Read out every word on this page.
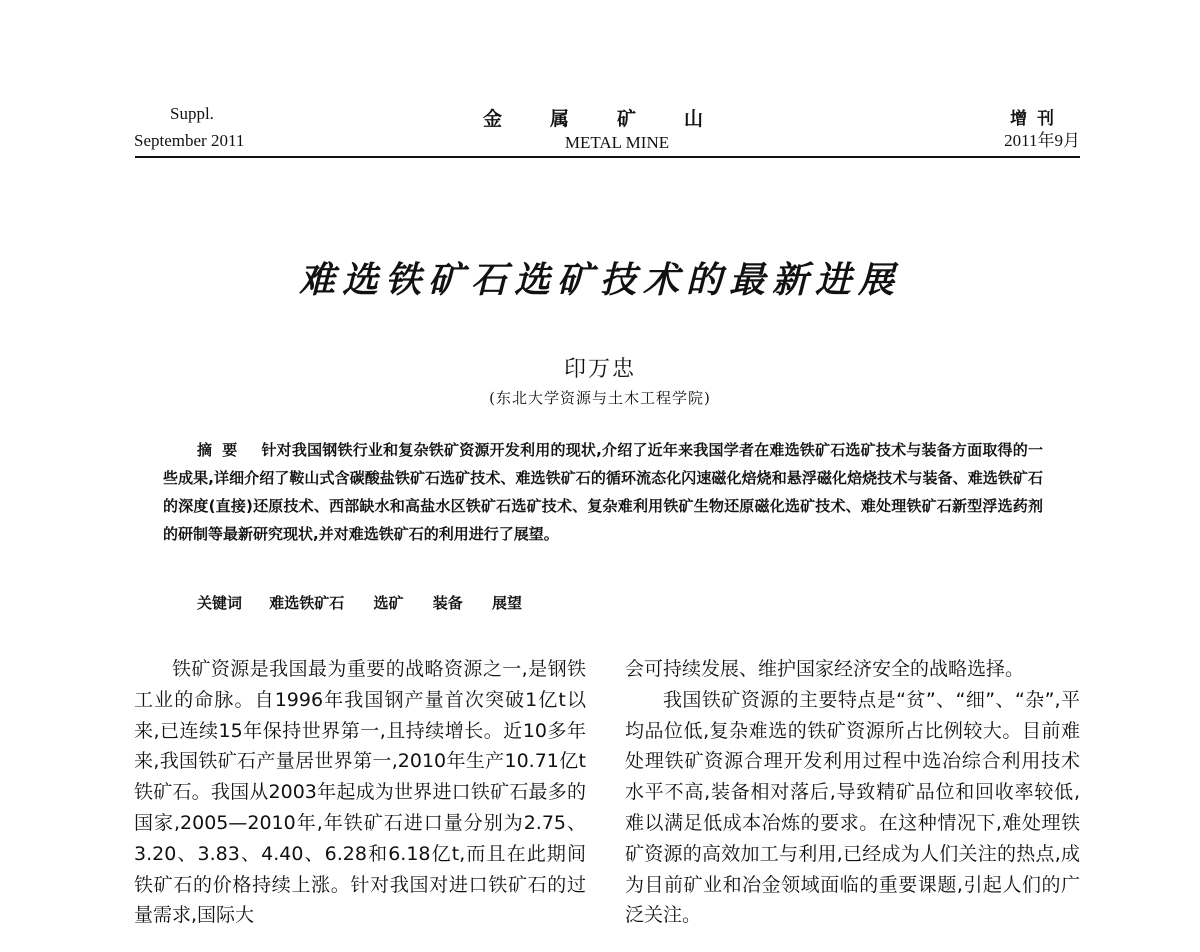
Suppl.
September 2011
金属矿山
METAL MINE
增 刊
2011年9月
难选铁矿石选矿技术的最新进展
印万忠
(东北大学资源与土木工程学院)
摘要 针对我国钢铁行业和复杂铁矿资源开发利用的现状,介绍了近年来我国学者在难选铁矿石选矿技术与装备方面取得的一些成果,详细介绍了鞍山式含碳酸盐铁矿石选矿技术、难选铁矿石的循环流态化闪速磁化焙烧和悬浮磁化焙烧技术与装备、难选铁矿石的深度(直接)还原技术、西部缺水和高盐水区铁矿石选矿技术、复杂难利用铁矿生物还原磁化选矿技术、难处理铁矿石新型浮选药剂的研制等最新研究现状,并对难选铁矿石的利用进行了展望。
关键词 难选铁矿石 选矿 装备 展望

铁矿资源是我国最为重要的战略资源之一,是钢铁工业的命脉。自1996年我国钢产量首次突破1亿t以来,已连续15年保持世界第一,且持续增长。近10多年来,我国铁矿石产量居世界第一,2010年生产10.71亿t铁矿石。我国从2003年起成为世界进口铁矿石最多的国家,2005—2010年,年铁矿石进口量分别为2.75、3.20、3.83、4.40、6.28和6.18亿t,而且在此期间铁矿石的价格持续上涨。针对我国对进口铁矿石的过量需求,国际大

会可持续发展、维护国家经济安全的战略选择。

我国铁矿资源的主要特点是“贫”、“细”、“杂”,平均品位低,复杂难选的铁矿资源所占比例较大。目前难处理铁矿资源合理开发利用过程中选冶综合利用技术水平不高,装备相对落后,导致精矿品位和回收率较低,难以满足低成本冶炼的要求。在这种情况下,难处理铁矿资源的高效加工与利用,已经成为人们关注的热点,成为目前矿业和冶金领域面临的重要课题,引起人们的广泛关注。
